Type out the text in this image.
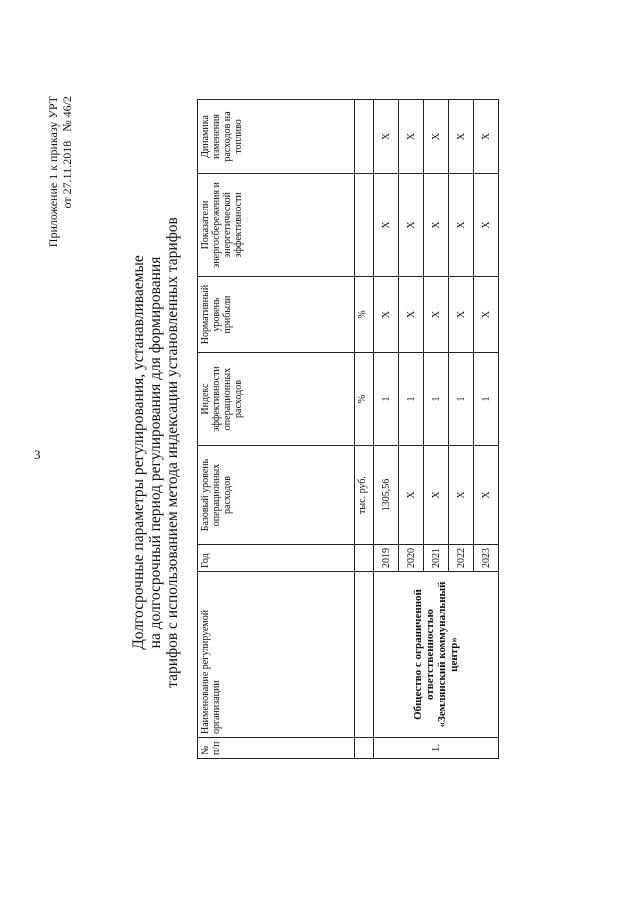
3
Приложение 1 к приказу УРТ от 27.11.2018 № 46/2
Долгосрочные параметры регулирования, устанавливаемые на долгосрочный период регулирования для формирования тарифов с использованием метода индексации установленных тарифов
№ п/п	Наименование регулируемой организации	Год	Базовый уровень операционных расходов	Индекс эффективности операционных расходов	Нормативный уровень прибыли	Показатели энергосбережения и энергетической эффективности	Динамика изменения расходов на топливо
			тыс. руб.	%	%		
1.	Общество с ограниченной ответственностью «Землянский коммунальный центр»	2019	1305,56	1	X	X	X
		2020	X	1	X	X	X
		2021	X	1	X	X	X
		2022	X	1	X	X	X
		2023	X	1	X	X	X
